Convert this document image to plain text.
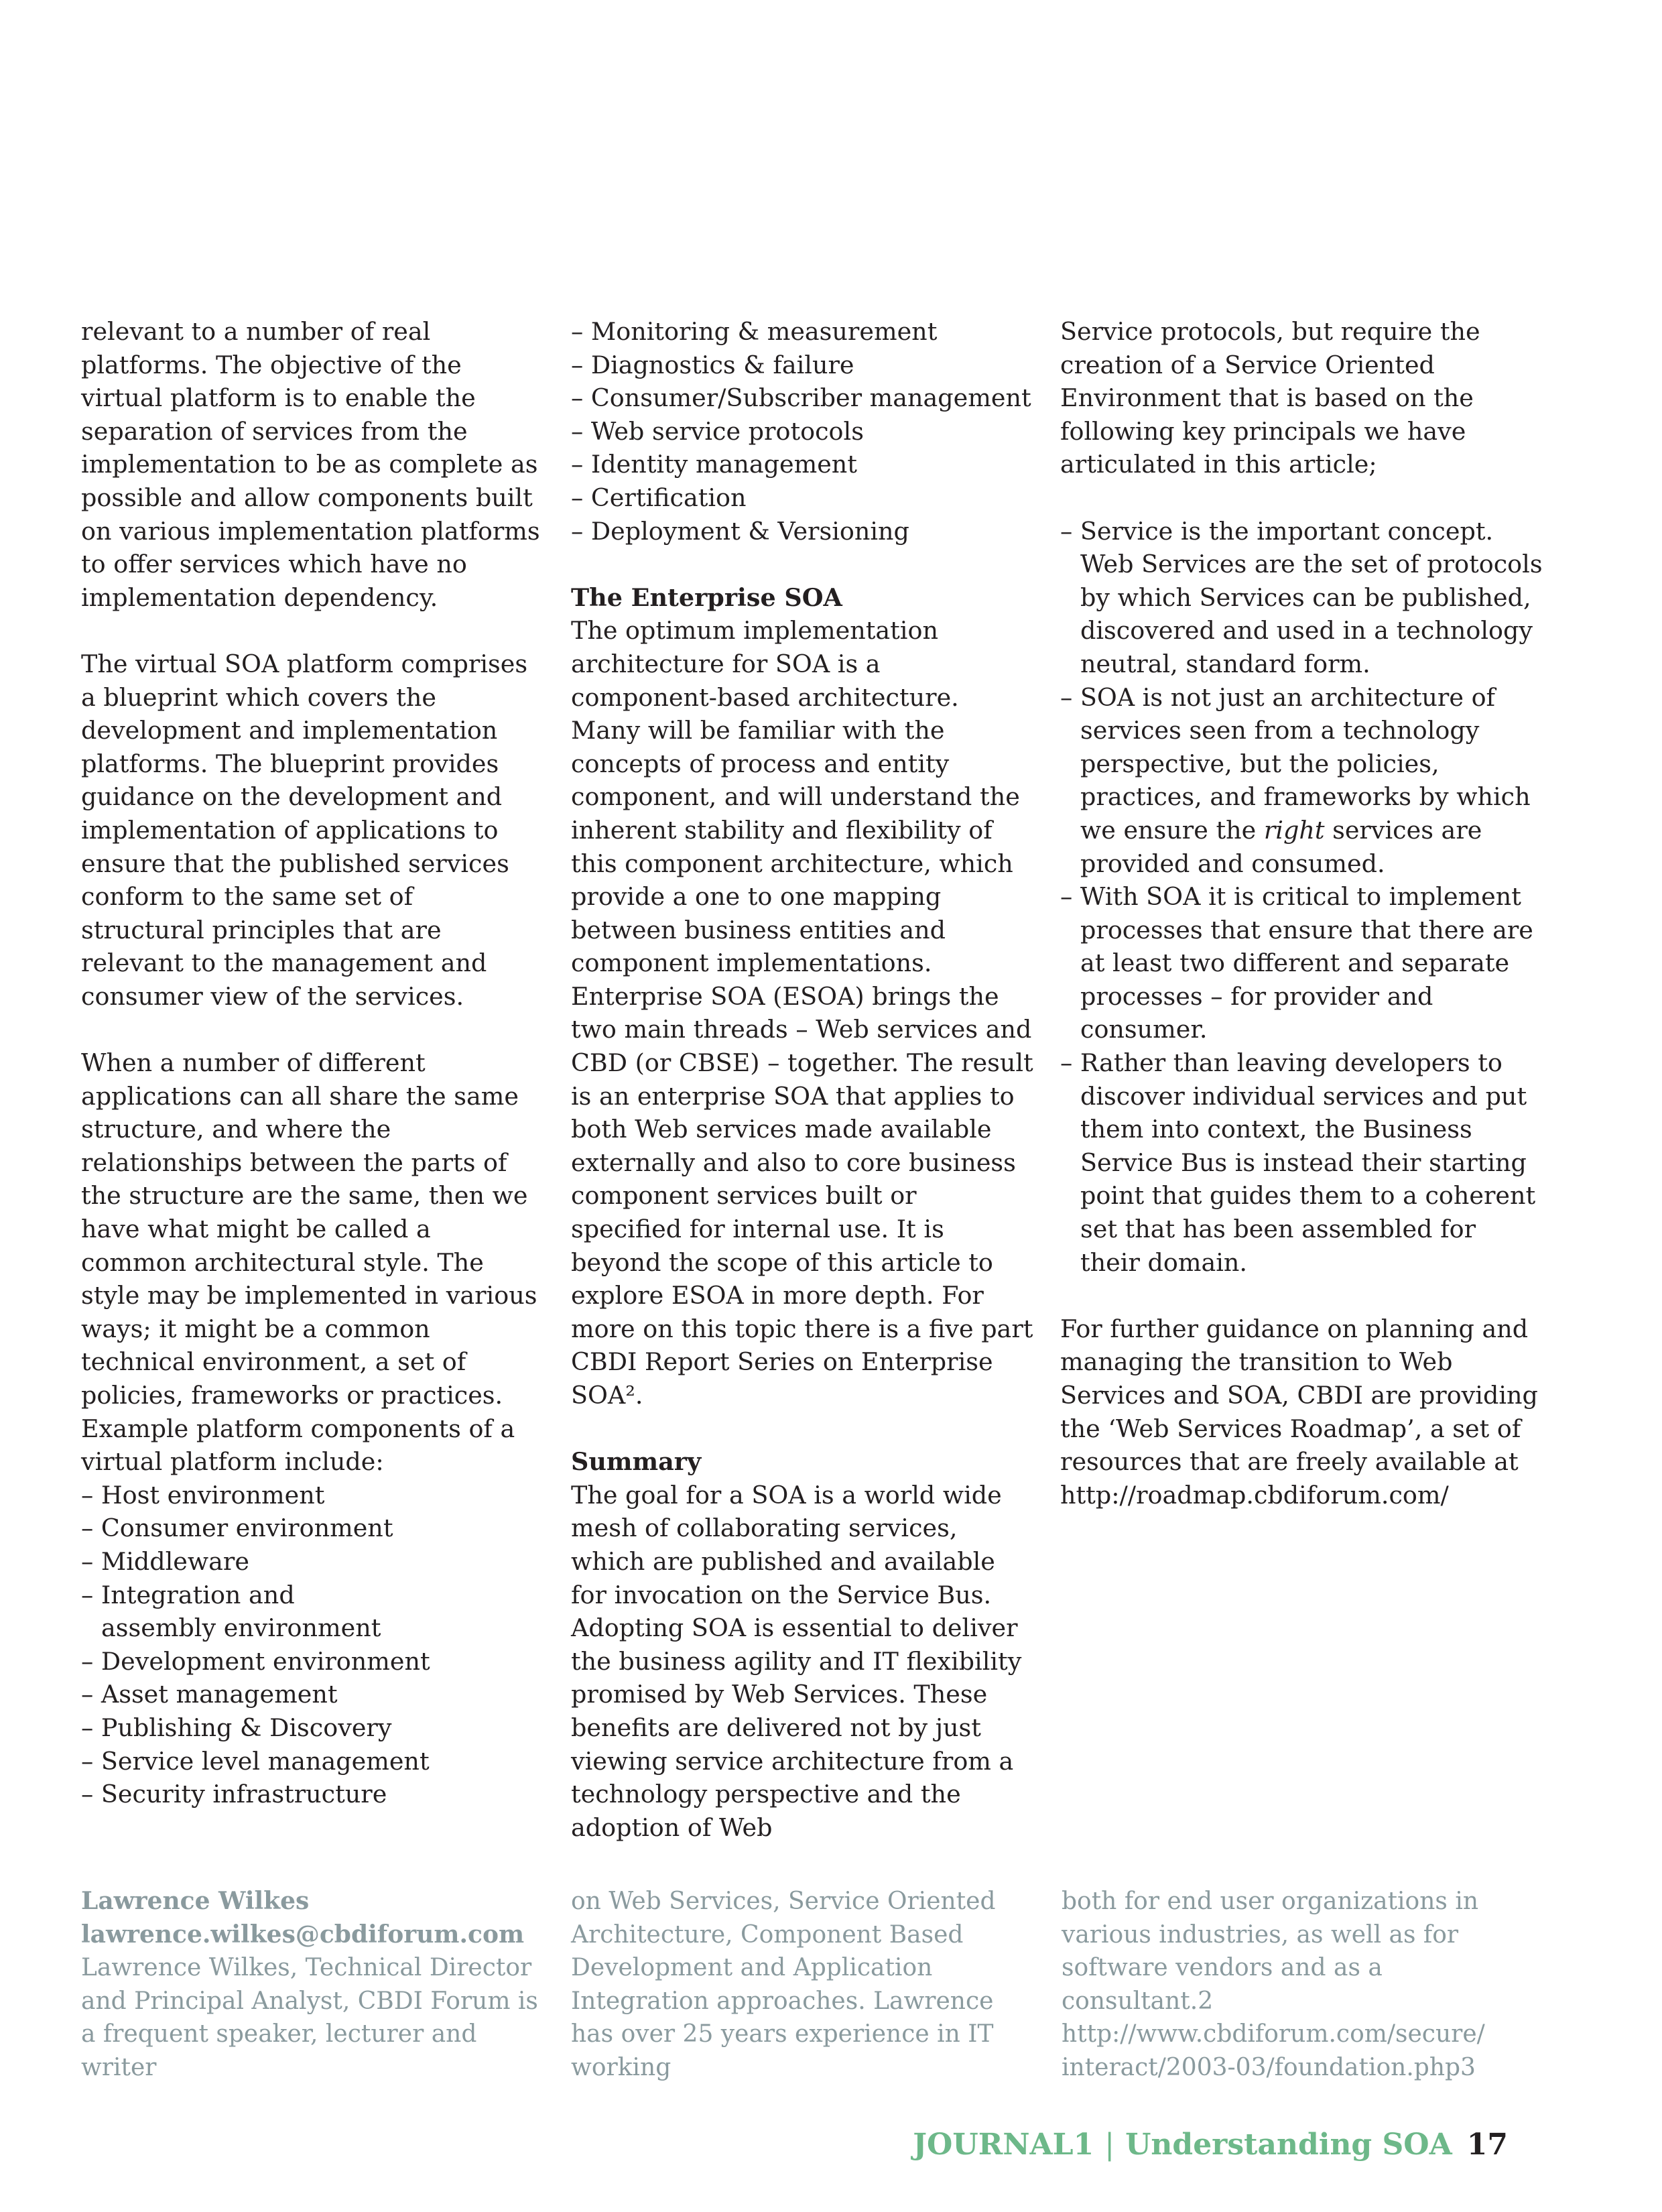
relevant to a number of real platforms. The objective of the virtual platform is to enable the separation of services from the implementation to be as complete as possible and allow components built on various implementation platforms to offer services which have no implementation dependency.

The virtual SOA platform comprises a blueprint which covers the development and implementation platforms. The blueprint provides guidance on the development and implementation of applications to ensure that the published services conform to the same set of structural principles that are relevant to the management and consumer view of the services.

When a number of different applications can all share the same structure, and where the relationships between the parts of the structure are the same, then we have what might be called a common architectural style. The style may be implemented in various ways; it might be a common technical environment, a set of policies, frameworks or practices. Example platform components of a virtual platform include:

– Host environment
– Consumer environment
– Middleware
– Integration and assembly environment
– Development environment
– Asset management
– Publishing & Discovery
– Service level management
– Security infrastructure
– Monitoring & measurement
– Diagnostics & failure
– Consumer/Subscriber management
– Web service protocols
– Identity management
– Certification
– Deployment & Versioning
The Enterprise SOA

The optimum implementation architecture for SOA is a component-based architecture. Many will be familiar with the concepts of process and entity component, and will understand the inherent stability and flexibility of this component architecture, which provide a one to one mapping between business entities and component implementations. Enterprise SOA (ESOA) brings the two main threads – Web services and CBD (or CBSE) – together. The result is an enterprise SOA that applies to both Web services made available externally and also to core business component services built or specified for internal use. It is beyond the scope of this article to explore ESOA in more depth. For more on this topic there is a five part CBDI Report Series on Enterprise SOA².

Summary

The goal for a SOA is a world wide mesh of collaborating services, which are published and available for invocation on the Service Bus. Adopting SOA is essential to deliver the business agility and IT flexibility promised by Web Services. These benefits are delivered not by just viewing service architecture from a technology perspective and the adoption of Web

Service protocols, but require the creation of a Service Oriented Environment that is based on the following key principals we have articulated in this article;

– Service is the important concept. Web Services are the set of protocols by which Services can be published, discovered and used in a technology neutral, standard form.
– SOA is not just an architecture of services seen from a technology perspective, but the policies, practices, and frameworks by which we ensure the right services are provided and consumed.
– With SOA it is critical to implement processes that ensure that there are at least two different and separate processes – for provider and consumer.
– Rather than leaving developers to discover individual services and put them into context, the Business Service Bus is instead their starting point that guides them to a coherent set that has been assembled for their domain.

For further guidance on planning and managing the transition to Web Services and SOA, CBDI are providing the ‘Web Services Roadmap’, a set of resources that are freely available at http://roadmap.cbdiforum.com/

Lawrence Wilkes
lawrence.wilkes@cbdiforum.com
Lawrence Wilkes, Technical Director and Principal Analyst, CBDI Forum is a frequent speaker, lecturer and writer
on Web Services, Service Oriented Architecture, Component Based Development and Application Integration approaches. Lawrence has over 25 years experience in IT working
both for end user organizations in various industries, as well as for software vendors and as a consultant.2 http://www.cbdiforum.com/secure/ interact/2003-03/foundation.php3
JOURNAL1 | Understanding SOA 17
